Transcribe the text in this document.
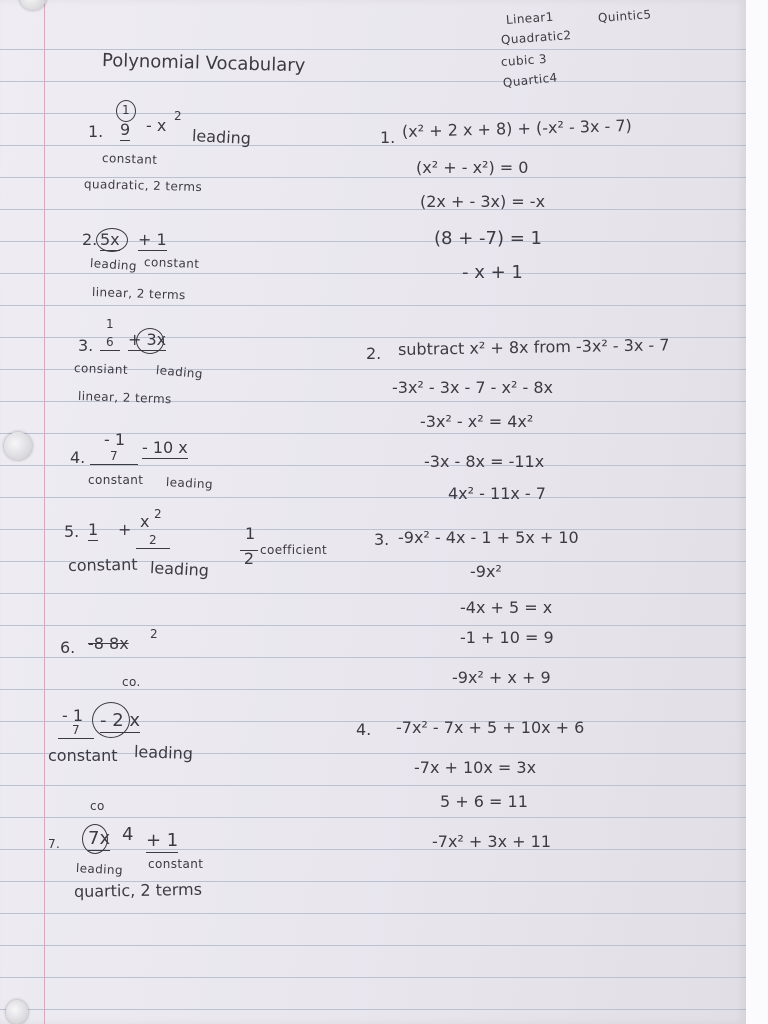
Polynomial Vocabulary
Linear1
Quadratic2
cubic 3
Quartic4
Quintic5
1.
1
9 - x 2
leading
constant
quadratic, 2 terms
2. 5x + 1
leading constant
linear, 2 terms
1
3.	6 + 3x
consiant leading
linear, 2 terms
4.
- 1
7	- 10 x
constant leading
5. 1 + x 2
2	1
2 coefficient
constant leading
6. -8 8x 2
co.
- 1
7	- 2 x
constant leading
co
7. 7x 4 + 1
leading constant
quartic, 2 terms
1. (x² + 2 x + 8) + (-x² - 3x - 7)
(x² + - x²) = 0
(2x + - 3x) = -x
(8 + -7) = 1
- x + 1
2. subtract x² + 8x from -3x² - 3x - 7
-3x² - 3x - 7 - x² - 8x
-3x² - x² = 4x²
-3x - 8x = -11x
4x² - 11x - 7
3. -9x² - 4x - 1 + 5x + 10
-9x²
-4x + 5 = x
-1 + 10 = 9
-9x² + x + 9
4. -7x² - 7x + 5 + 10x + 6
-7x + 10x = 3x
5 + 6 = 11
-7x² + 3x + 11
